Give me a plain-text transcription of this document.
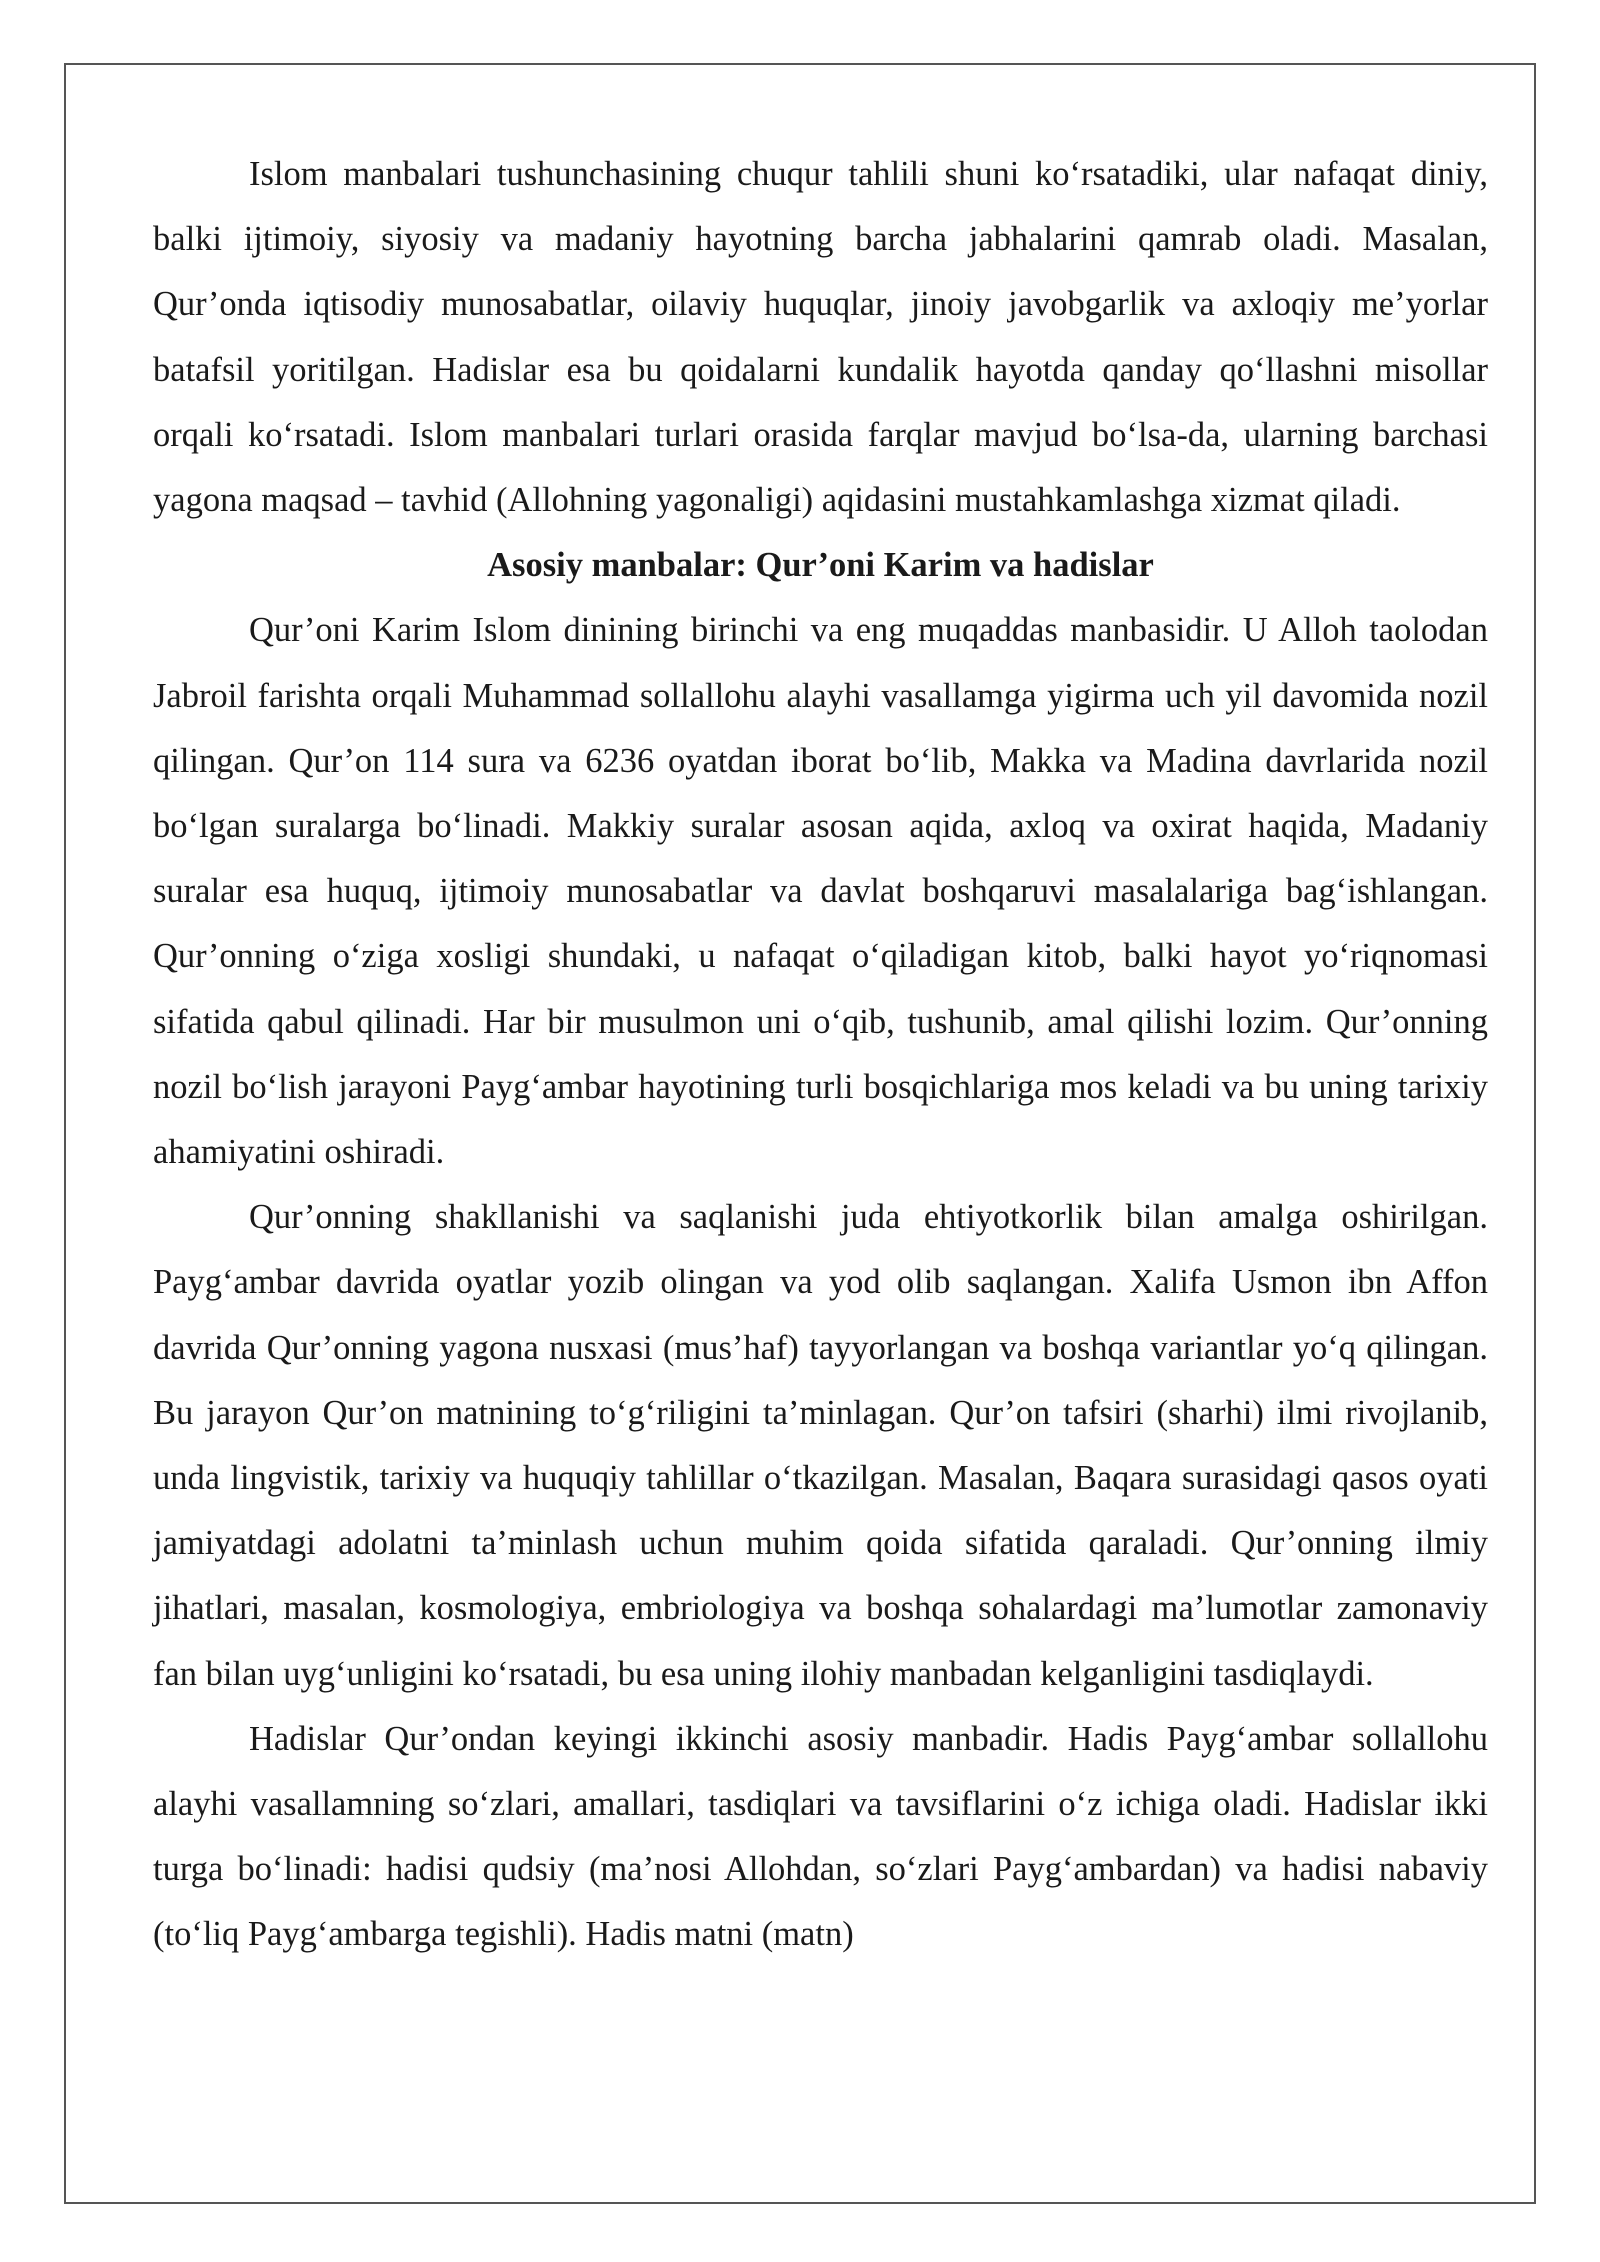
Islom manbalari tushunchasining chuqur tahlili shuni ko‘rsatadiki, ular nafaqat diniy, balki ijtimoiy, siyosiy va madaniy hayotning barcha jabhalarini qamrab oladi. Masalan, Qur’onda iqtisodiy munosabatlar, oilaviy huquqlar, jinoiy javobgarlik va axloqiy me’yorlar batafsil yoritilgan. Hadislar esa bu qoidalarni kundalik hayotda qanday qo‘llashni misollar orqali ko‘rsatadi. Islom manbalari turlari orasida farqlar mavjud bo‘lsa-da, ularning barchasi yagona maqsad – tavhid (Allohning yagonaligi) aqidasini mustahkamlashga xizmat qiladi.

Asosiy manbalar: Qur’oni Karim va hadislar

Qur’oni Karim Islom dinining birinchi va eng muqaddas manbasidir. U Alloh taolodan Jabroil farishta orqali Muhammad sollallohu alayhi vasallamga yigirma uch yil davomida nozil qilingan. Qur’on 114 sura va 6236 oyatdan iborat bo‘lib, Makka va Madina davrlarida nozil bo‘lgan suralarga bo‘linadi. Makkiy suralar asosan aqida, axloq va oxirat haqida, Madaniy suralar esa huquq, ijtimoiy munosabatlar va davlat boshqaruvi masalalariga bag‘ishlangan. Qur’onning o‘ziga xosligi shundaki, u nafaqat o‘qiladigan kitob, balki hayot yo‘riqnomasi sifatida qabul qilinadi. Har bir musulmon uni o‘qib, tushunib, amal qilishi lozim. Qur’onning nozil bo‘lish jarayoni Payg‘ambar hayotining turli bosqichlariga mos keladi va bu uning tarixiy ahamiyatini oshiradi.

Qur’onning shakllanishi va saqlanishi juda ehtiyotkorlik bilan amalga oshirilgan. Payg‘ambar davrida oyatlar yozib olingan va yod olib saqlangan. Xalifa Usmon ibn Affon davrida Qur’onning yagona nusxasi (mus’haf) tayyorlangan va boshqa variantlar yo‘q qilingan. Bu jarayon Qur’on matnining to‘g‘riligini ta’minlagan. Qur’on tafsiri (sharhi) ilmi rivojlanib, unda lingvistik, tarixiy va huquqiy tahlillar o‘tkazilgan. Masalan, Baqara surasidagi qasos oyati jamiyatdagi adolatni ta’minlash uchun muhim qoida sifatida qaraladi. Qur’onning ilmiy jihatlari, masalan, kosmologiya, embriologiya va boshqa sohalardagi ma’lumotlar zamonaviy fan bilan uyg‘unligini ko‘rsatadi, bu esa uning ilohiy manbadan kelganligini tasdiqlaydi.

Hadislar Qur’ondan keyingi ikkinchi asosiy manbadir. Hadis Payg‘ambar sollallohu alayhi vasallamning so‘zlari, amallari, tasdiqlari va tavsiflarini o‘z ichiga oladi. Hadislar ikki turga bo‘linadi: hadisi qudsiy (ma’nosi Allohdan, so‘zlari Payg‘ambardan) va hadisi nabaviy (to‘liq Payg‘ambarga tegishli). Hadis matni (matn)
